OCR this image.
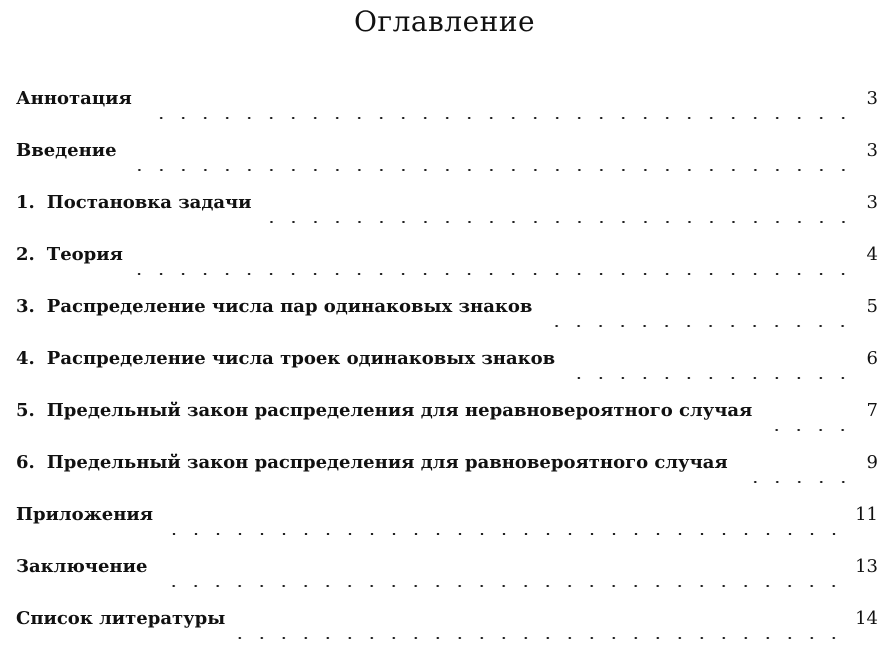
Оглавление
Аннотация	3
Введение	3
1. Постановка задачи	3
2. Теория	4
3. Распределение числа пар одинаковых знаков	5
4. Распределение числа троек одинаковых знаков	6
5. Предельный закон распределения для неравновероятного случая	7
6. Предельный закон распределения для равновероятного случая	9
Приложения	11
Заключение	13
Список литературы	14
